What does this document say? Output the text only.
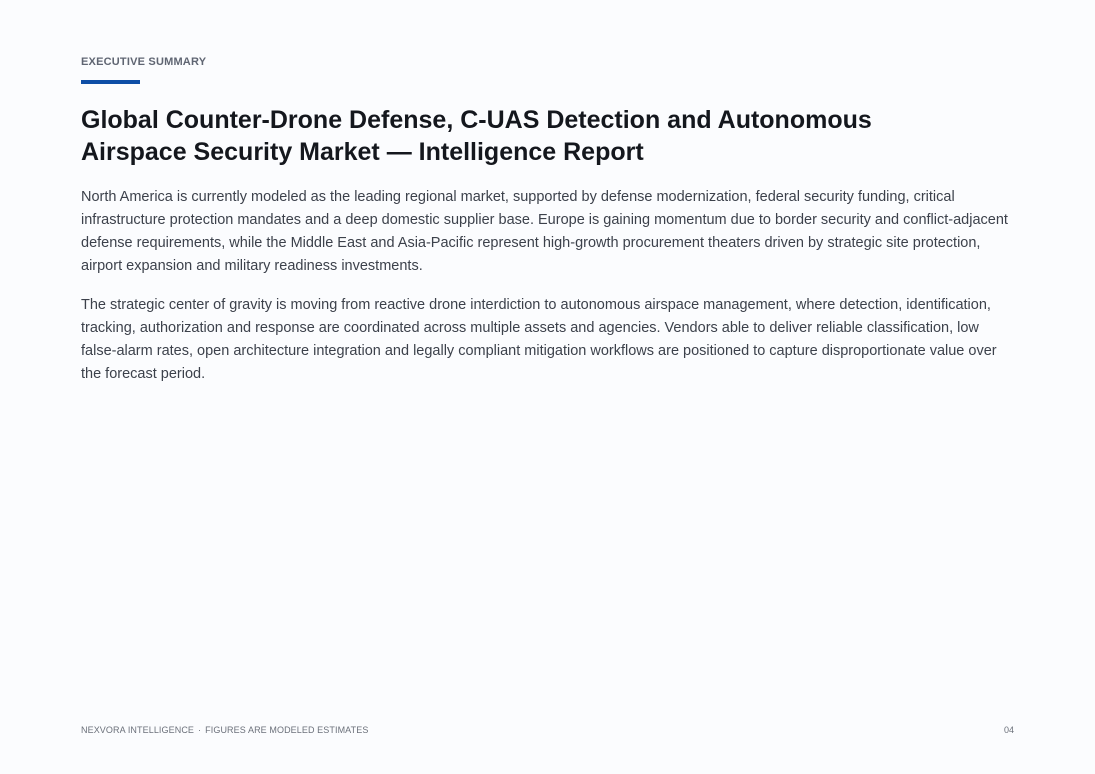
EXECUTIVE SUMMARY
Global Counter-Drone Defense, C-UAS Detection and Autonomous Airspace Security Market — Intelligence Report

North America is currently modeled as the leading regional market, supported by defense modernization, federal security funding, critical infrastructure protection mandates and a deep domestic supplier base. Europe is gaining momentum due to border security and conflict-adjacent defense requirements, while the Middle East and Asia-Pacific represent high-growth procurement theaters driven by strategic site protection, airport expansion and military readiness investments.

The strategic center of gravity is moving from reactive drone interdiction to autonomous airspace management, where detection, identification, tracking, authorization and response are coordinated across multiple assets and agencies. Vendors able to deliver reliable classification, low false-alarm rates, open architecture integration and legally compliant mitigation workflows are positioned to capture disproportionate value over the forecast period.

NEXVORA INTELLIGENCE · FIGURES ARE MODELED ESTIMATES	04
